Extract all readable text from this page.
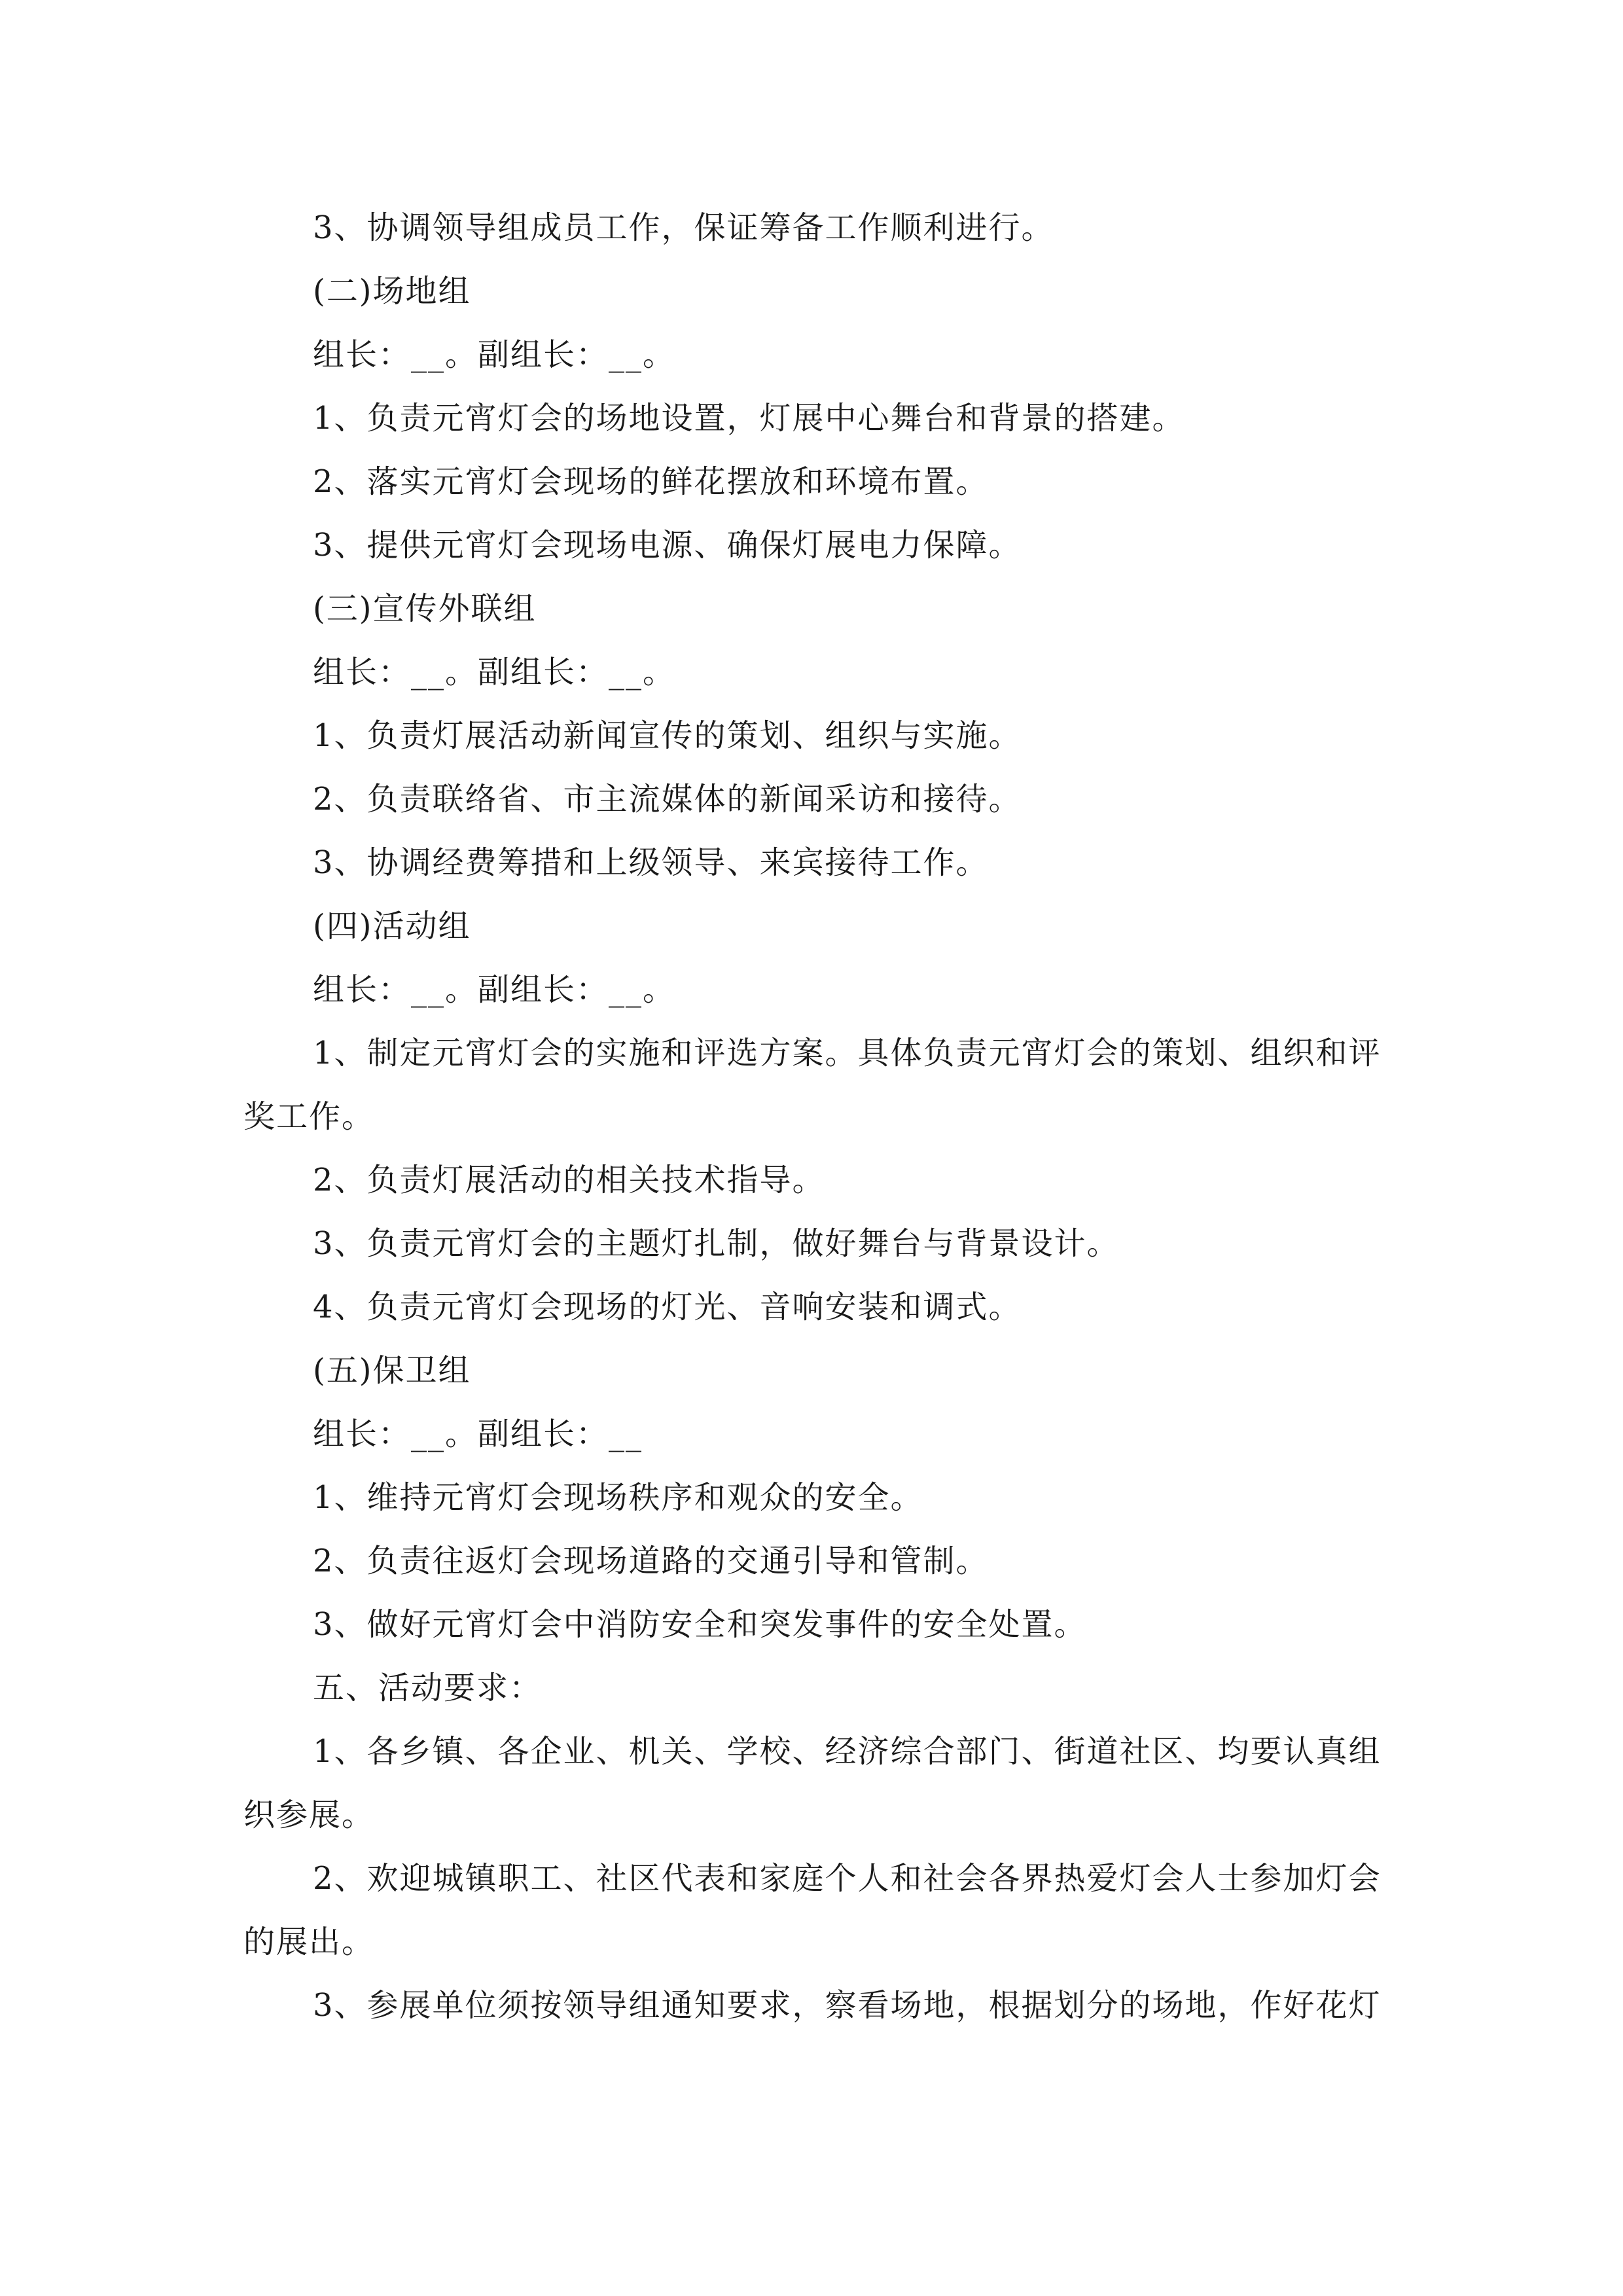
3、协调领导组成员工作，保证筹备工作顺利进行。

(二)场地组

组长：__。副组长：__。

1、负责元宵灯会的场地设置，灯展中心舞台和背景的搭建。

2、落实元宵灯会现场的鲜花摆放和环境布置。

3、提供元宵灯会现场电源、确保灯展电力保障。

(三)宣传外联组

组长：__。副组长：__。

1、负责灯展活动新闻宣传的策划、组织与实施。

2、负责联络省、市主流媒体的新闻采访和接待。

3、协调经费筹措和上级领导、来宾接待工作。

(四)活动组

组长：__。副组长：__。

1、制定元宵灯会的实施和评选方案。具体负责元宵灯会的策划、组织和评奖工作。

2、负责灯展活动的相关技术指导。

3、负责元宵灯会的主题灯扎制，做好舞台与背景设计。

4、负责元宵灯会现场的灯光、音响安装和调式。

(五)保卫组

组长：__。副组长：__

1、维持元宵灯会现场秩序和观众的安全。

2、负责往返灯会现场道路的交通引导和管制。

3、做好元宵灯会中消防安全和突发事件的安全处置。

五、活动要求：

1、各乡镇、各企业、机关、学校、经济综合部门、街道社区、均要认真组织参展。

2、欢迎城镇职工、社区代表和家庭个人和社会各界热爱灯会人士参加灯会的展出。

3、参展单位须按领导组通知要求，察看场地，根据划分的场地，作好花灯
